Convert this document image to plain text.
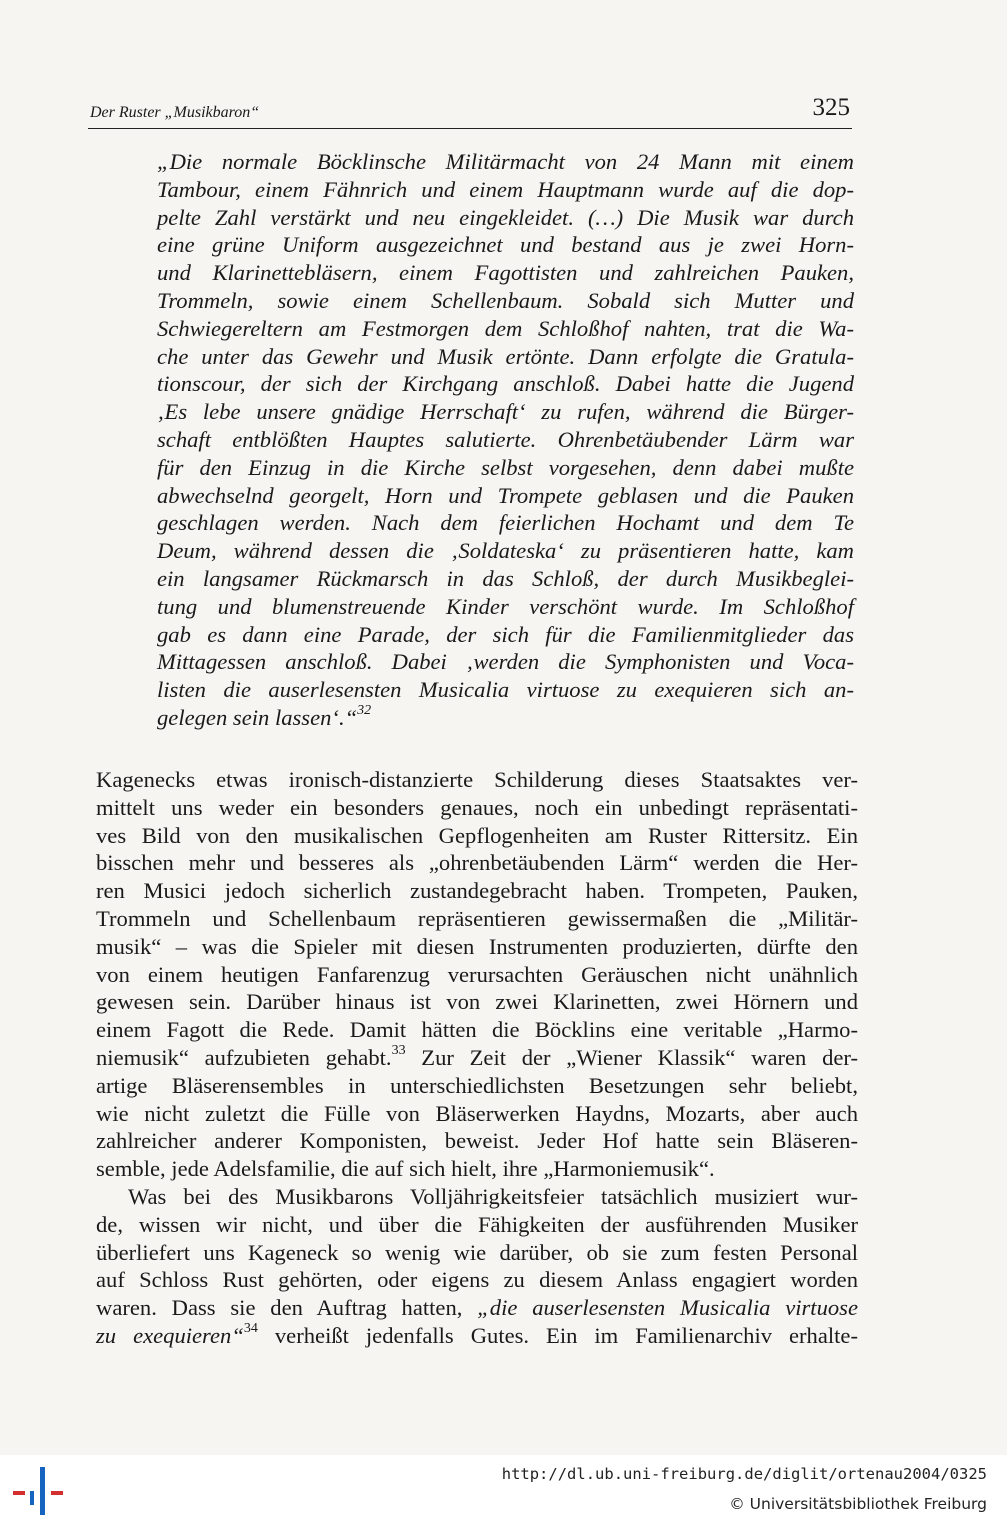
Der Ruster „Musikbaron“	325
„Die normale Böcklinsche Militärmacht von 24 Mann mit einem
Tambour, einem Fähnrich und einem Hauptmann wurde auf die dop-
pelte Zahl verstärkt und neu eingekleidet. (…) Die Musik war durch
eine grüne Uniform ausgezeichnet und bestand aus je zwei Horn-
und Klarinettebläsern, einem Fagottisten und zahlreichen Pauken,
Trommeln, sowie einem Schellenbaum. Sobald sich Mutter und
Schwiegereltern am Festmorgen dem Schloßhof nahten, trat die Wa-
che unter das Gewehr und Musik ertönte. Dann erfolgte die Gratula-
tionscour, der sich der Kirchgang anschloß. Dabei hatte die Jugend
‚Es lebe unsere gnädige Herrschaft‘ zu rufen, während die Bürger-
schaft entblößten Hauptes salutierte. Ohrenbetäubender Lärm war
für den Einzug in die Kirche selbst vorgesehen, denn dabei mußte
abwechselnd georgelt, Horn und Trompete geblasen und die Pauken
geschlagen werden. Nach dem feierlichen Hochamt und dem Te
Deum, während dessen die ‚Soldateska‘ zu präsentieren hatte, kam
ein langsamer Rückmarsch in das Schloß, der durch Musikbeglei-
tung und blumenstreuende Kinder verschönt wurde. Im Schloßhof
gab es dann eine Parade, der sich für die Familienmitglieder das
Mittagessen anschloß. Dabei ‚werden die Symphonisten und Voca-
listen die auserlesensten Musicalia virtuose zu exequieren sich an-
gelegen sein lassen‘.“$^{32}$
Kagenecks etwas ironisch-distanzierte Schilderung dieses Staatsaktes ver-
mittelt uns weder ein besonders genaues, noch ein unbedingt repräsentati-
ves Bild von den musikalischen Gepflogenheiten am Ruster Rittersitz. Ein
bisschen mehr und besseres als „ohrenbetäubenden Lärm“ werden die Her-
ren Musici jedoch sicherlich zustandegebracht haben. Trompeten, Pauken,
Trommeln und Schellenbaum repräsentieren gewissermaßen die „Militär-
musik“ – was die Spieler mit diesen Instrumenten produzierten, dürfte den
von einem heutigen Fanfarenzug verursachten Geräuschen nicht unähnlich
gewesen sein. Darüber hinaus ist von zwei Klarinetten, zwei Hörnern und
einem Fagott die Rede. Damit hätten die Böcklins eine veritable „Harmo-
niemusik“ aufzubieten gehabt.$^{33}$ Zur Zeit der „Wiener Klassik“ waren der-
artige Bläserensembles in unterschiedlichsten Besetzungen sehr beliebt,
wie nicht zuletzt die Fülle von Bläserwerken Haydns, Mozarts, aber auch
zahlreicher anderer Komponisten, beweist. Jeder Hof hatte sein Bläseren-
semble, jede Adelsfamilie, die auf sich hielt, ihre „Harmoniemusik“.
Was bei des Musikbarons Volljährigkeitsfeier tatsächlich musiziert wur-
de, wissen wir nicht, und über die Fähigkeiten der ausführenden Musiker
überliefert uns Kageneck so wenig wie darüber, ob sie zum festen Personal
auf Schloss Rust gehörten, oder eigens zu diesem Anlass engagiert worden
waren. Dass sie den Auftrag hatten, „die auserlesensten Musicalia virtuose
zu exequieren“$^{34}$ verheißt jedenfalls Gutes. Ein im Familienarchiv erhalte-
http://dl.ub.uni-freiburg.de/diglit/ortenau2004/0325
© Universitätsbibliothek Freiburg
